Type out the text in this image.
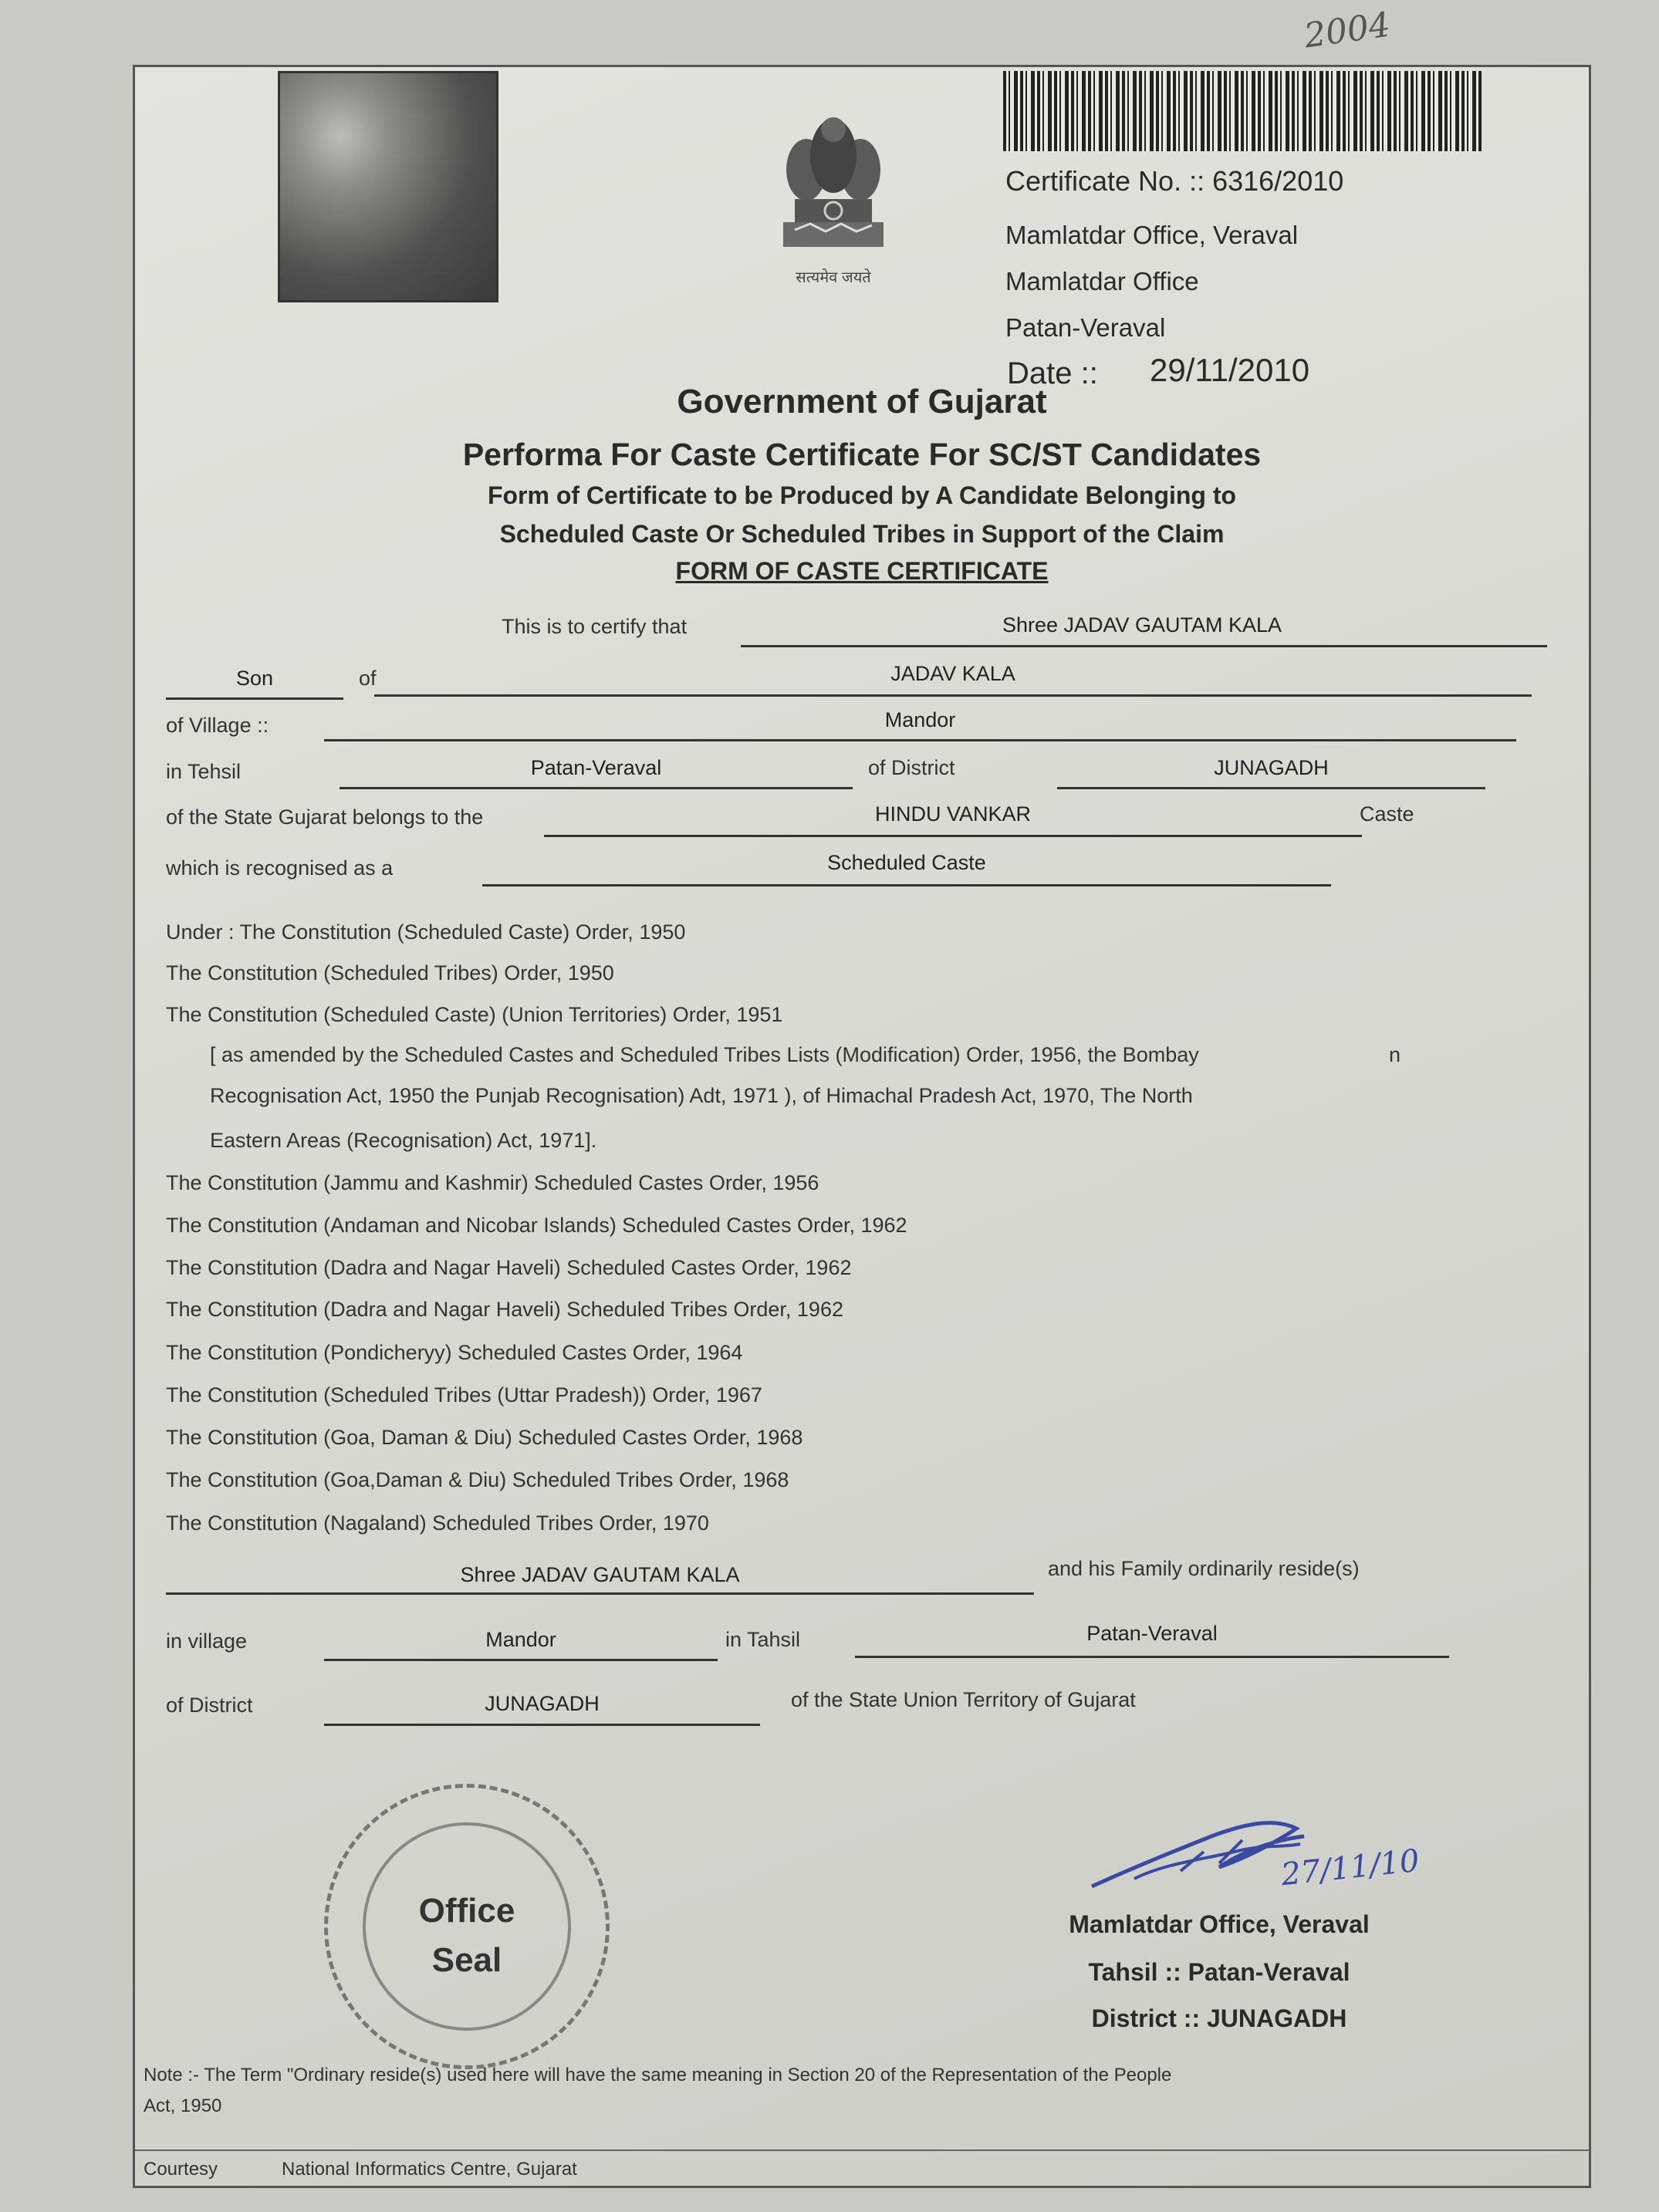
2004
सत्यमेव जयते
Certificate No. :: 6316/2010
Mamlatdar Office, Veraval
Mamlatdar Office
Patan-Veraval
Date :: 29/11/2010
Government of Gujarat
Performa For Caste Certificate For SC/ST Candidates
Form of Certificate to be Produced by A Candidate Belonging to
Scheduled Caste Or Scheduled Tribes in Support of the Claim
FORM OF CASTE CERTIFICATE
This is to certify that	Shree JADAV GAUTAM KALA
Son	of	JADAV KALA
of Village ::	Mandor
in Tehsil	Patan-Veraval	of District	JUNAGADH
of the State Gujarat belongs to the	HINDU VANKAR	Caste
which is recognised as a	Scheduled Caste
Under : The Constitution (Scheduled Caste) Order, 1950
The Constitution (Scheduled Tribes) Order, 1950
The Constitution (Scheduled Caste) (Union Territories) Order, 1951
[ as amended by the Scheduled Castes and Scheduled Tribes Lists (Modification) Order, 1956, the Bombay	n
Recognisation Act, 1950 the Punjab Recognisation) Adt, 1971 ), of Himachal Pradesh Act, 1970, The North
Eastern Areas (Recognisation) Act, 1971].
The Constitution (Jammu and Kashmir) Scheduled Castes Order, 1956
The Constitution (Andaman and Nicobar Islands) Scheduled Castes Order, 1962
The Constitution (Dadra and Nagar Haveli) Scheduled Castes Order, 1962
The Constitution (Dadra and Nagar Haveli) Scheduled Tribes Order, 1962
The Constitution (Pondicheryy) Scheduled Castes Order, 1964
The Constitution (Scheduled Tribes (Uttar Pradesh)) Order, 1967
The Constitution (Goa, Daman & Diu) Scheduled Castes Order, 1968
The Constitution (Goa,Daman & Diu) Scheduled Tribes Order, 1968
The Constitution (Nagaland) Scheduled Tribes Order, 1970
Shree JADAV GAUTAM KALA	and his Family ordinarily reside(s)
in village	Mandor	in Tahsil	Patan-Veraval
of District	JUNAGADH	of the State Union Territory of Gujarat
Office
Seal
27/11/10
Mamlatdar Office, Veraval
Tahsil :: Patan-Veraval
District :: JUNAGADH
Note :- The Term "Ordinary reside(s) used here will have the same meaning in Section 20 of the Representation of the People
Act, 1950
Courtesy	National Informatics Centre, Gujarat
